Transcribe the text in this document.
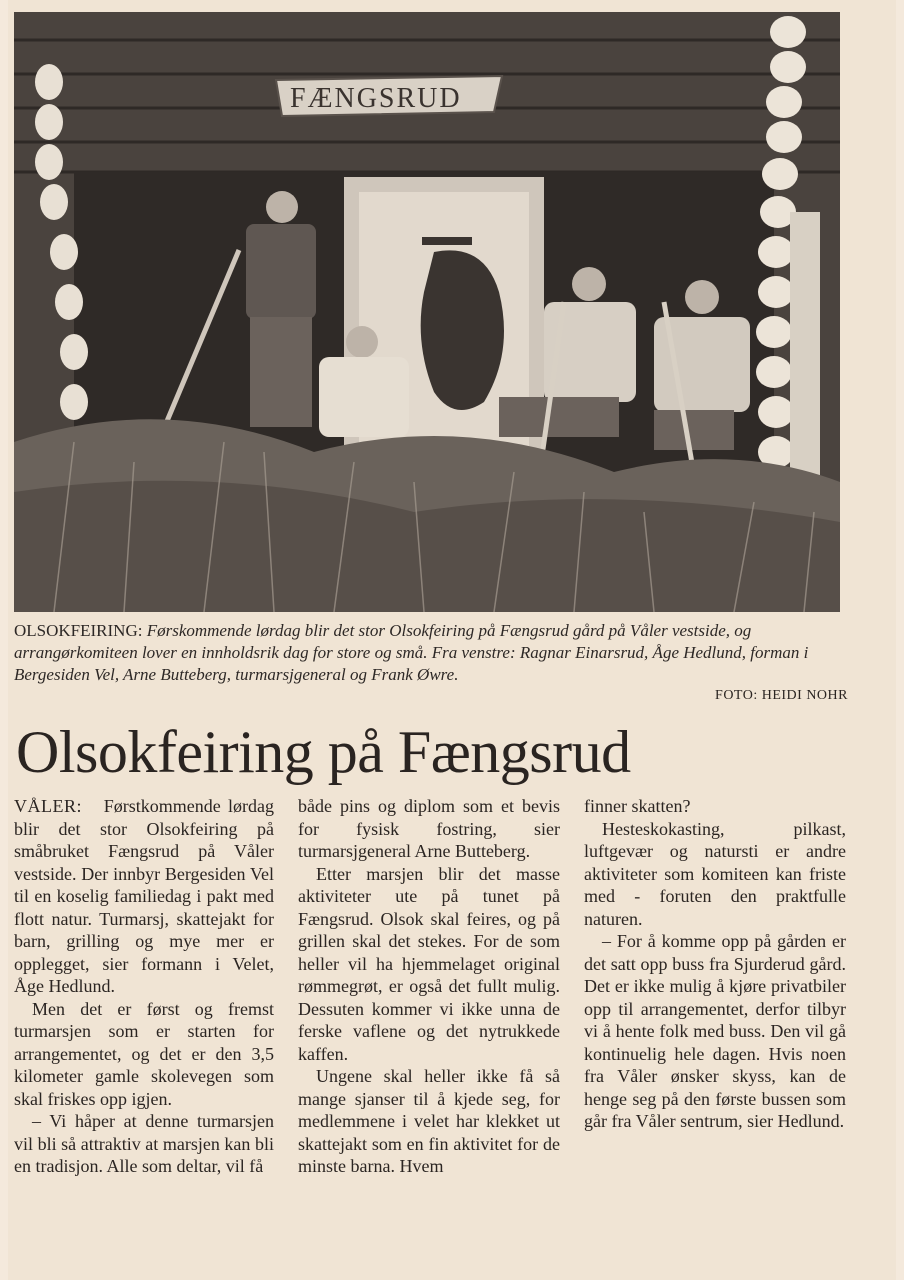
FÆNGSRUD
OLSOKFEIRING: Førskommende lørdag blir det stor Olsokfeiring på Fængsrud gård på Våler vestside, og arrangørkomiteen lover en innholdsrik dag for store og små. Fra venstre: Ragnar Einarsrud, Åge Hedlund, forman i Bergesiden Vel, Arne Butteberg, turmarsjgeneral og Frank Øwre.
FOTO: HEIDI NOHR
Olsokfeiring på Fængsrud

VÅLER: Førstkommende lørdag blir det stor Olsokfeiring på småbruket Fængsrud på Våler vestside. Der innbyr Bergesiden Vel til en koselig familiedag i pakt med flott natur. Turmarsj, skattejakt for barn, grilling og mye mer er opplegget, sier formann i Velet, Åge Hedlund.

Men det er først og fremst turmarsjen som er starten for arrangementet, og det er den 3,5 kilometer gamle skolevegen som skal friskes opp igjen.

– Vi håper at denne turmarsjen vil bli så attraktiv at marsjen kan bli en tradisjon. Alle som deltar, vil få

både pins og diplom som et bevis for fysisk fostring, sier turmarsjgeneral Arne Butteberg.

Etter marsjen blir det masse aktiviteter ute på tunet på Fængsrud. Olsok skal feires, og på grillen skal det stekes. For de som heller vil ha hjemmelaget original rømmegrøt, er også det fullt mulig. Dessuten kommer vi ikke unna de ferske vaflene og det nytrukkede kaffen.

Ungene skal heller ikke få så mange sjanser til å kjede seg, for medlemmene i velet har klekket ut skattejakt som en fin aktivitet for de minste barna. Hvem

finner skatten?

Hesteskokasting, pilkast, luftgevær og natursti er andre aktiviteter som komiteen kan friste med - foruten den praktfulle naturen.

– For å komme opp på gården er det satt opp buss fra Sjurderud gård. Det er ikke mulig å kjøre privatbiler opp til arrangementet, derfor tilbyr vi å hente folk med buss. Den vil gå kontinuelig hele dagen. Hvis noen fra Våler ønsker skyss, kan de henge seg på den første bussen som går fra Våler sentrum, sier Hedlund.
